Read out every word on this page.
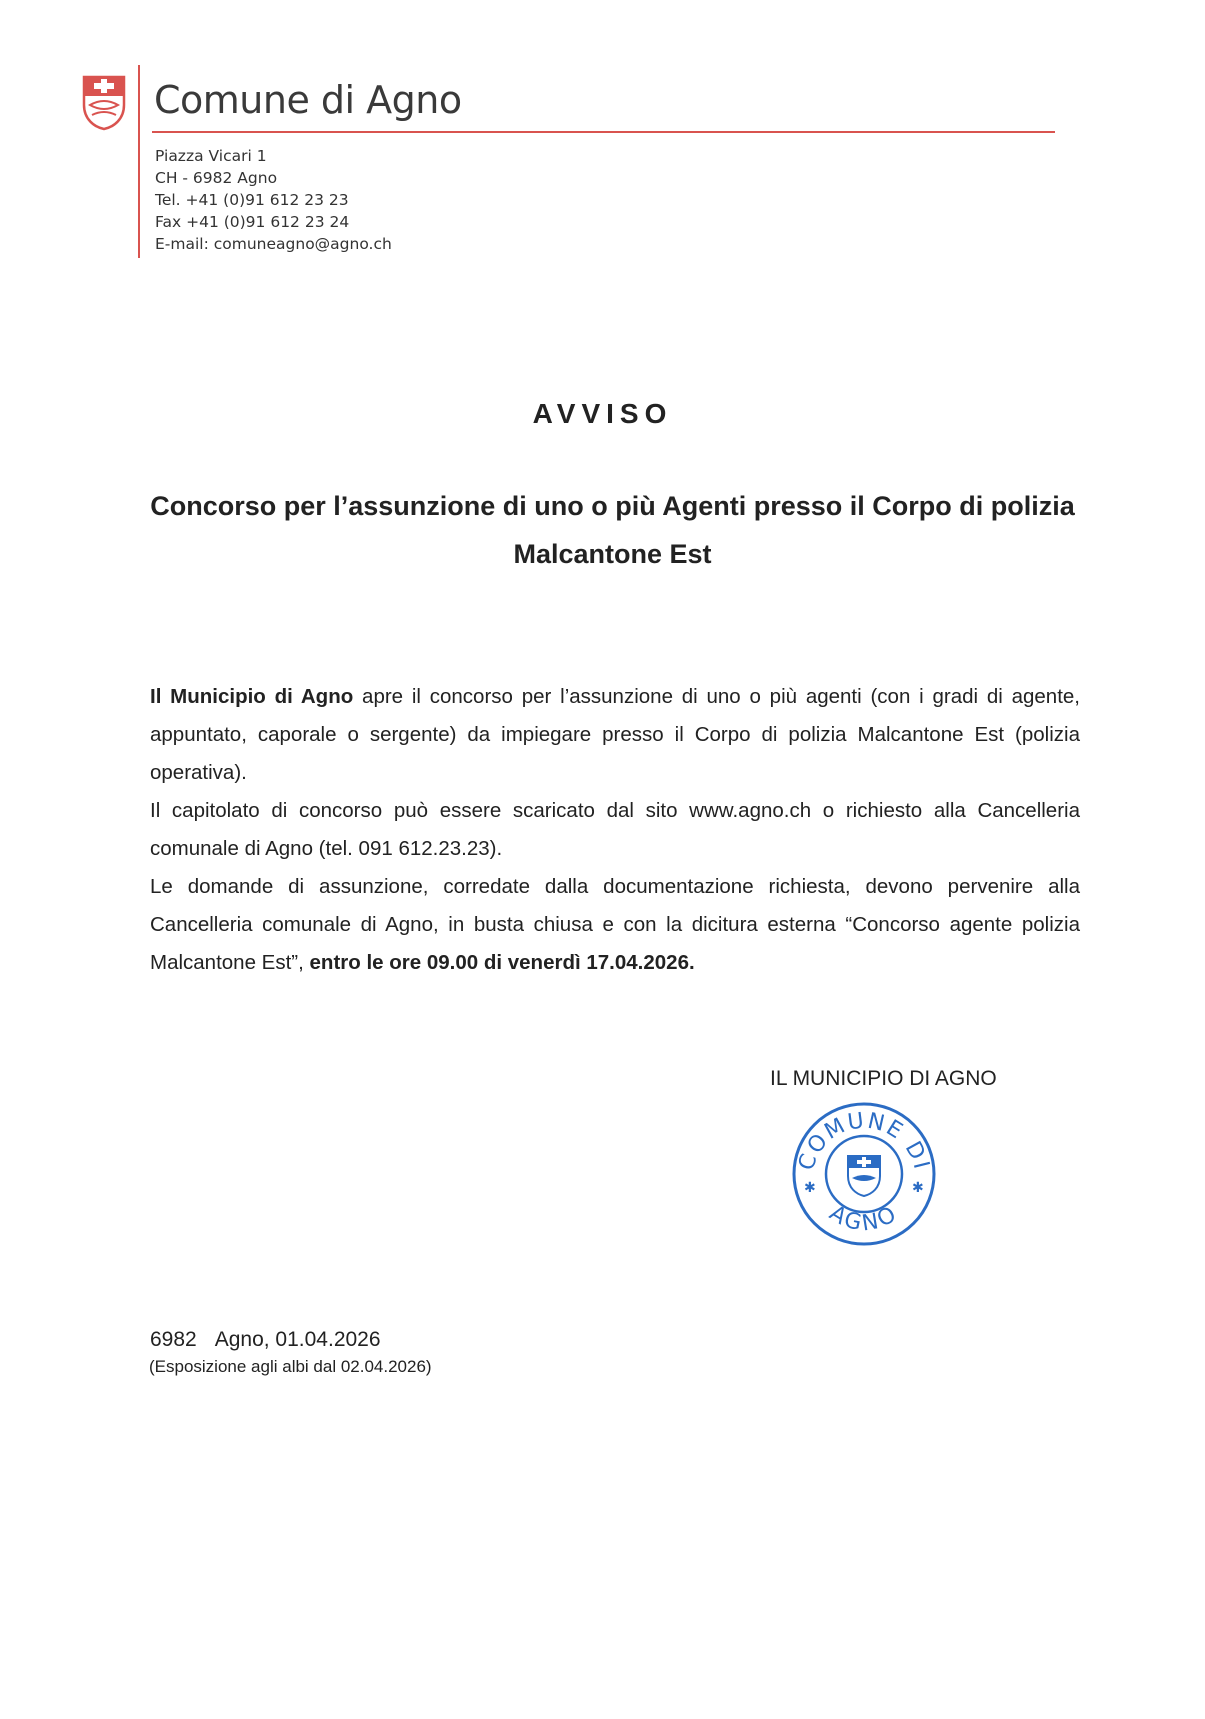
Comune di Agno
Piazza Vicari 1
CH - 6982 Agno
Tel. +41 (0)91 612 23 23
Fax +41 (0)91 612 23 24
E-mail: comuneagno@agno.ch
AVVISO
Concorso per l’assunzione di uno o più Agenti presso il Corpo di polizia Malcantone Est

Il Municipio di Agno apre il concorso per l’assunzione di uno o più agenti (con i gradi di agente, appuntato, caporale o sergente) da impiegare presso il Corpo di polizia Malcantone Est (polizia operativa).

Il capitolato di concorso può essere scaricato dal sito www.agno.ch o richiesto alla Cancelleria comunale di Agno (tel. 091 612.23.23).

Le domande di assunzione, corredate dalla documentazione richiesta, devono pervenire alla Cancelleria comunale di Agno, in busta chiusa e con la dicitura esterna “Concorso agente polizia Malcantone Est”, entro le ore 09.00 di venerdì 17.04.2026.

IL MUNICIPIO DI AGNO
COMUNE DI
AGNO
✱	✱
6982 Agno, 01.04.2026
(Esposizione agli albi dal 02.04.2026)
